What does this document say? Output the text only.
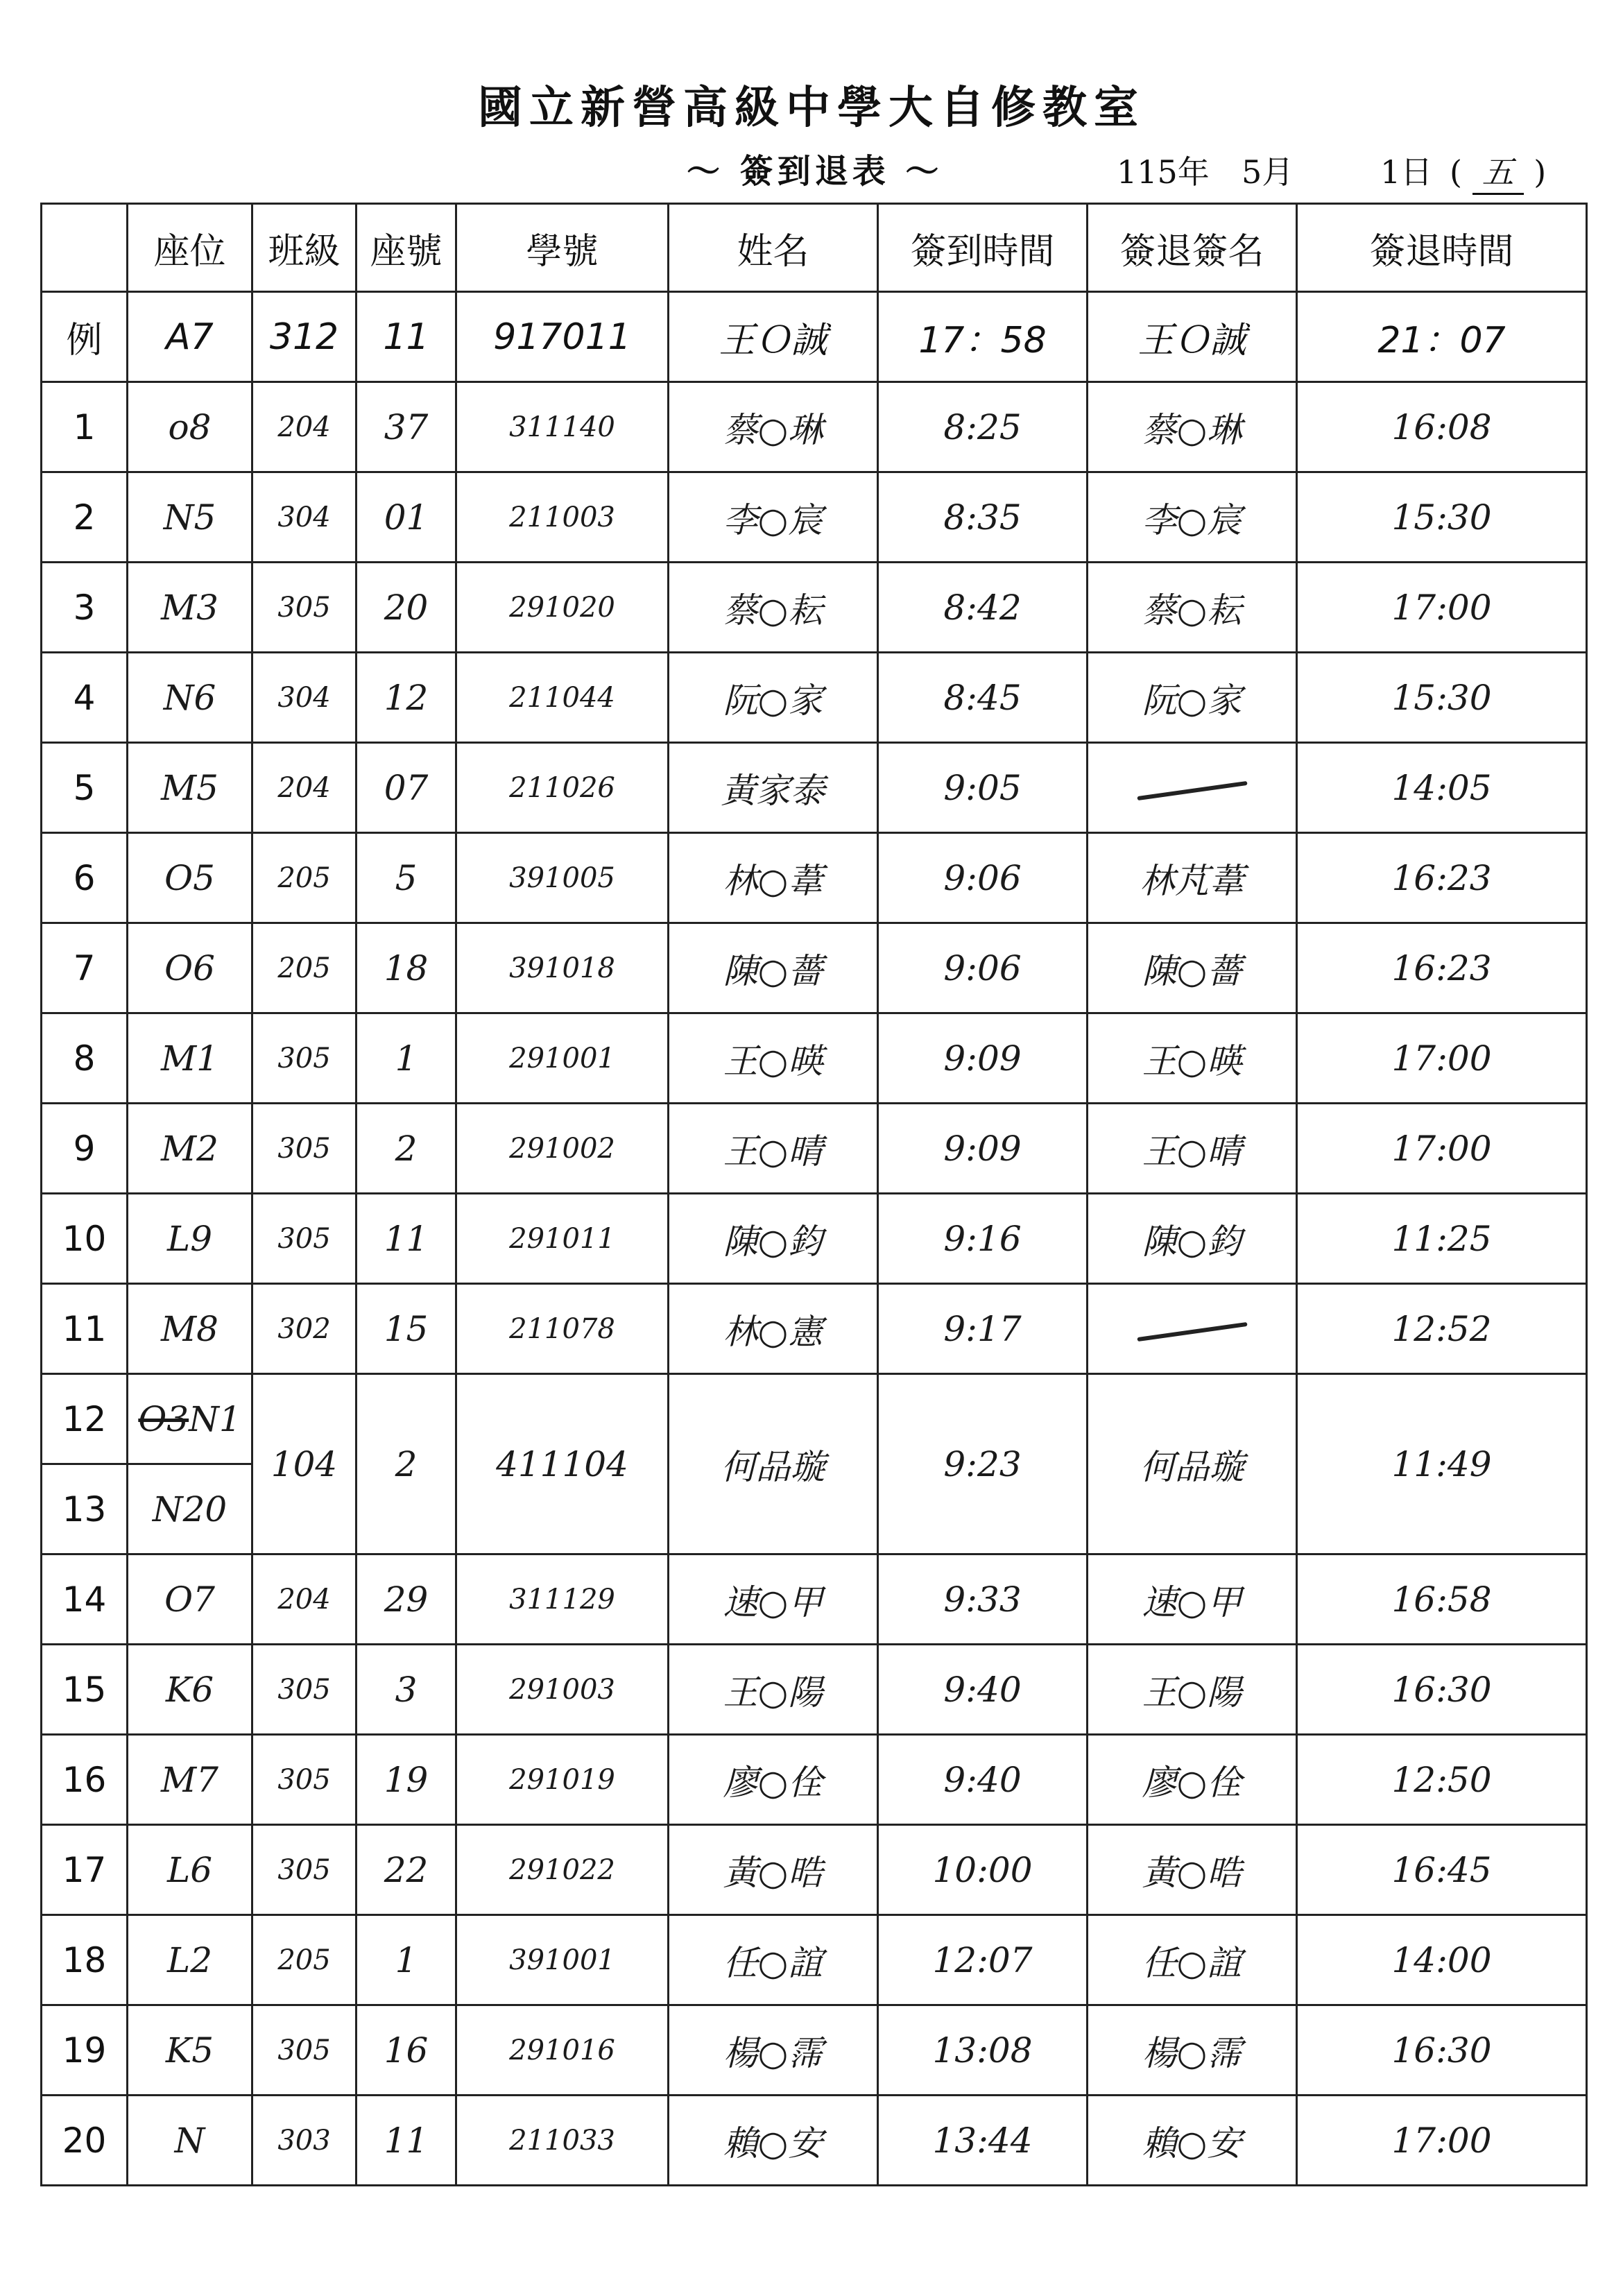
國立新營高級中學大自修教室
～ 簽到退表 ～	115年 5月	1日 ( 五 )
	座位	班級	座號	學號	姓名	簽到時間	簽退簽名	簽退時間
例	A7	312	11	917011	王Ｏ誠	17：58	王Ｏ誠	21：07
1	o8	204	37	311140	蔡○琳	8:25	蔡○琳	16:08
2	N5	304	01	211003	李○宸	8:35	李○宸	15:30
3	M3	305	20	291020	蔡○耘	8:42	蔡○耘	17:00
4	N6	304	12	211044	阮○家	8:45	阮○家	15:30
5	M5	204	07	211026	黃家泰	9:05		14:05
6	O5	205	5	391005	林○葦	9:06	林芃葦	16:23
7	O6	205	18	391018	陳○薔	9:06	陳○薔	16:23
8	M1	305	1	291001	王○暎	9:09	王○暎	17:00
9	M2	305	2	291002	王○晴	9:09	王○晴	17:00
10	L9	305	11	291011	陳○鈞	9:16	陳○鈞	11:25
11	M8	302	15	211078	林○憲	9:17		12:52
12	O3N1	104	2	411104	何品璇	9:23	何品璇	11:49
13	N20							
14	O7	204	29	311129	速○甲	9:33	速○甲	16:58
15	K6	305	3	291003	王○陽	9:40	王○陽	16:30
16	M7	305	19	291019	廖○佺	9:40	廖○佺	12:50
17	L6	305	22	291022	黃○晧	10:00	黃○晧	16:45
18	L2	205	1	391001	任○誼	12:07	任○誼	14:00
19	K5	305	16	291016	楊○霈	13:08	楊○霈	16:30
20	N	303	11	211033	賴○安	13:44	賴○安	17:00
